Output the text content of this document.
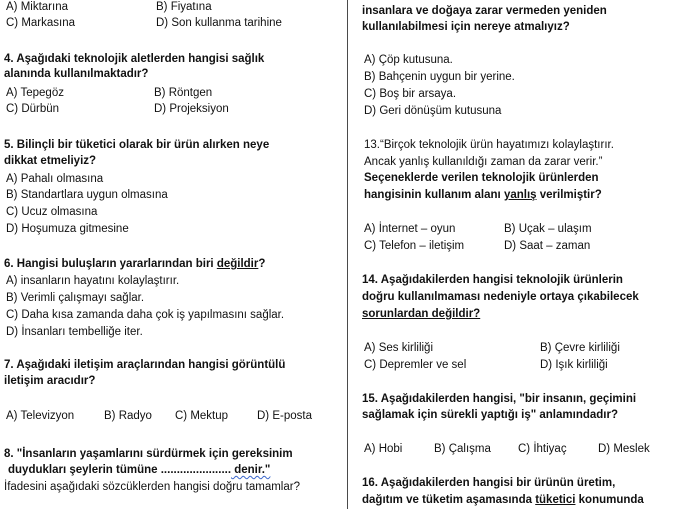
A) Miktarına	B) Fiyatına
C) Markasına	D) Son kullanma tarihine
4. Aşağıdaki teknolojik aletlerden hangisi sağlık
alanında kullanılmaktadır?
A) Tepegöz	B) Röntgen
C) Dürbün	D) Projeksiyon
5. Bilinçli bir tüketici olarak bir ürün alırken neye
dikkat etmeliyiz?
A) Pahalı olmasına
B) Standartlara uygun olmasına
C) Ucuz olmasına
D) Hoşumuza gitmesine
6. Hangisi buluşların yararlarından biri değildir?
A) insanların hayatını kolaylaştırır.
B) Verimli çalışmayı sağlar.
C) Daha kısa zamanda daha çok iş yapılmasını sağlar.
D) İnsanları tembelliğe iter.
7. Aşağıdaki iletişim araçlarından hangisi görüntülü
iletişim aracıdır?
A) Televizyon	B) Radyo C) Mektup	D) E-posta
8. "İnsanların yaşamlarını sürdürmek için gereksinim
duydukları şeylerin tümüne ...................... denir."
İfadesini aşağıdaki sözcüklerden hangisi doğru tamamlar?
insanlara ve doğaya zarar vermeden yeniden
kullanılabilmesi için nereye atmalıyız?
A) Çöp kutusuna.
B) Bahçenin uygun bir yerine.
C) Boş bir arsaya.
D) Geri dönüşüm kutusuna
13.“Birçok teknolojik ürün hayatımızı kolaylaştırır.
Ancak yanlış kullanıldığı zaman da zarar verir.”
Seçeneklerde verilen teknolojik ürünlerden
hangisinin kullanım alanı yanlış verilmiştir?
A) İnternet – oyun	B) Uçak – ulaşım
C) Telefon – iletişim	D) Saat – zaman
14. Aşağıdakilerden hangisi teknolojik ürünlerin
doğru kullanılmaması nedeniyle ortaya çıkabilecek
sorunlardan değildir?
A) Ses kirliliği	B) Çevre kirliliği
C) Depremler ve sel	D) Işık kirliliği
15. Aşağıdakilerden hangisi, "bir insanın, geçimini
sağlamak için sürekli yaptığı iş" anlamındadır?
A) Hobi	B) Çalışma C) İhtiyaç	D) Meslek
16. Aşağıdakilerden hangisi bir ürünün üretim,
dağıtım ve tüketim aşamasında tüketici konumunda
